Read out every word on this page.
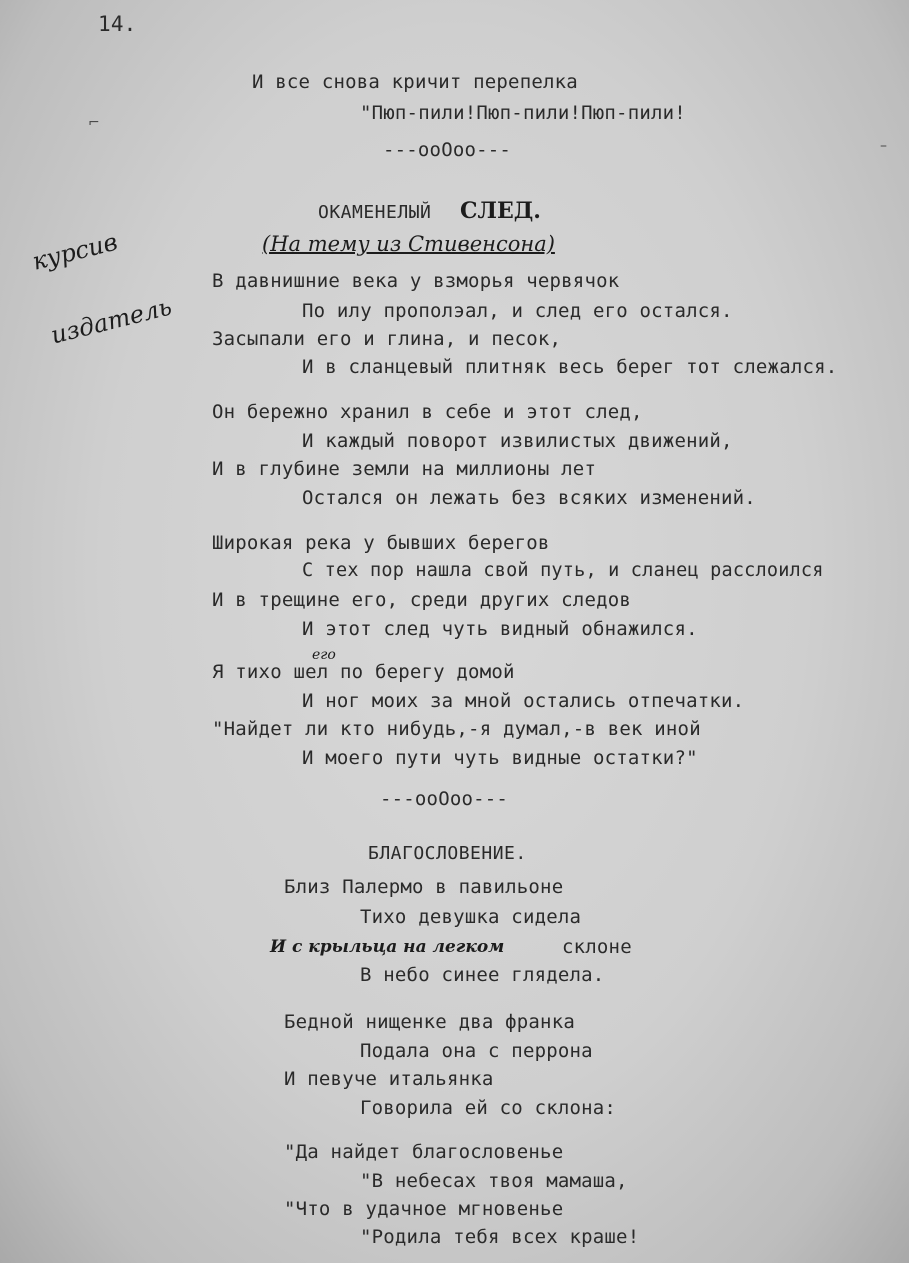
14.
⌐
–

курсив

издатель

И все снова кричит перепелка
"Пюп-пили!Пюп-пили!Пюп-пили!
---ooOoo---
ОКАМЕНЕЛЫЙ СЛЕД.
(На тему из Стивенсона)
В давнишние века у взморья червячок
По илу прополэал, и след его остался.
Засыпали его и глина, и песок,
И в сланцевый плитняк весь берег тот слежался.
Он бережно хранил в себе и этот след,
И каждый поворот извилистых движений,
И в глубине земли на миллионы лет
Остался он лежать без всяких изменений.
Широкая река у бывших берегов
С тех пор нашла свой путь, и сланец расслоился
И в трещине его, среди других следов
И этот след чуть видный обнажился.
его
Я тихо шел по берегу домой
И ног моих за мной остались отпечатки.
"Найдет ли кто нибудь,-я думал,-в век иной
И моего пути чуть видные остатки?"
---ooOoo---
БЛАГОСЛОВЕНИЕ.
Близ Палермо в павильоне
Тихо девушка сидела
И с крыльца на легком	склоне
В небо синее глядела.
Бедной нищенке два франка
Подала она с перрона
И певуче итальянка
Говорила ей со склона:
"Да найдет благословенье
"В небесах твоя мамаша,
"Что в удачное мгновенье
"Родила тебя всех краше!
